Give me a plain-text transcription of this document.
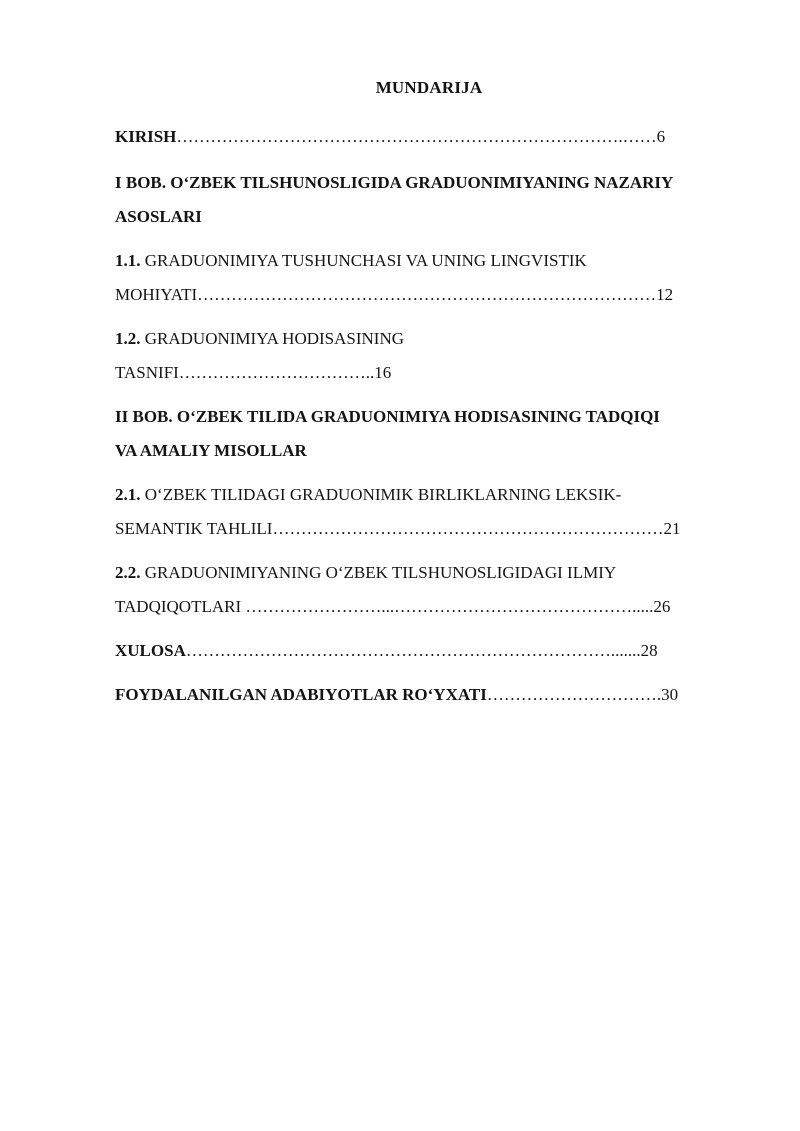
MUNDARIJA
KIRISH…………………………………………………………………….……6
I BOB. O‘ZBEK TILSHUNOSLIGIDA GRADUONIMIYANING NAZARIY
ASOSLARI
1.1. GRADUONIMIYA TUSHUNCHASI VA UNING LINGVISTIK
MOHIYATI………………………………………………………………………12
1.2. GRADUONIMIYA HODISASINING
TASNIFI……………………………..16
II BOB. O‘ZBEK TILIDA GRADUONIMIYA HODISASINING TADQIQI
VA AMALIY MISOLLAR
2.1. O‘ZBEK TILIDAGI GRADUONIMIK BIRLIKLARNING LEKSIK-
SEMANTIK TAHLILI……………………………………………………………21
2.2. GRADUONIMIYANING O‘ZBEK TILSHUNOSLIGIDAGI ILMIY
TADQIQOTLARI ……………………...…………………………………….....26
XULOSA………………………………………………………………….......28
FOYDALANILGAN ADABIYOTLAR RO‘YXATI………………………….30
